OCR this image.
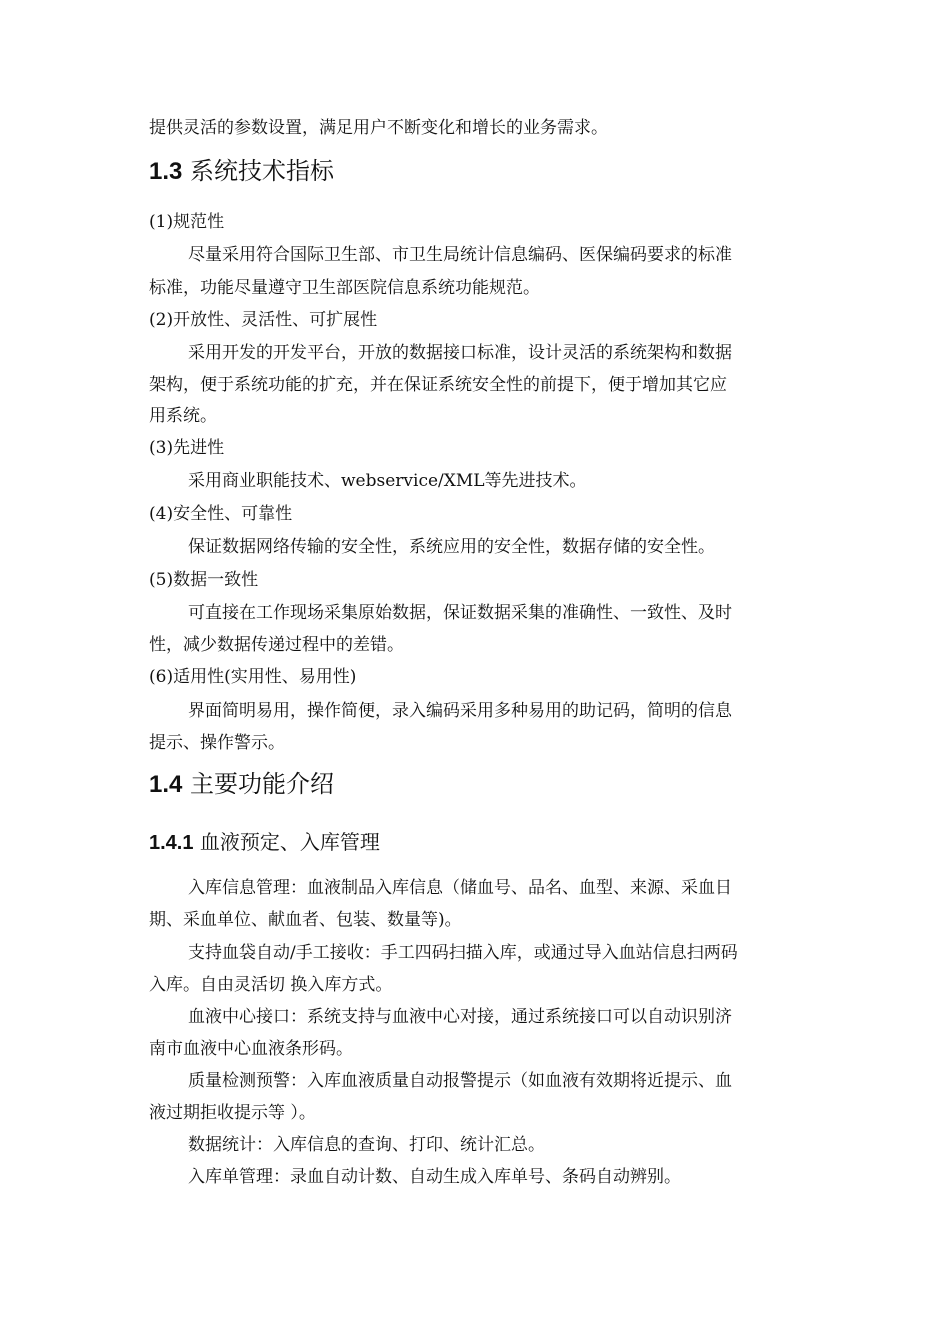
提供灵活的参数设置，满足用户不断变化和增长的业务需求。
1.3 系统技术指标
(1)规范性
尽量采用符合国际卫生部、市卫生局统计信息编码、医保编码要求的标准
标准，功能尽量遵守卫生部医院信息系统功能规范。
(2)开放性、灵活性、可扩展性
采用开发的开发平台，开放的数据接口标准，设计灵活的系统架构和数据
架构，便于系统功能的扩充，并在保证系统安全性的前提下，便于增加其它应
用系统。
(3)先进性
采用商业职能技术、webservice/XML等先进技术。
(4)安全性、可靠性
保证数据网络传输的安全性，系统应用的安全性，数据存储的安全性。
(5)数据一致性
可直接在工作现场采集原始数据，保证数据采集的准确性、一致性、及时
性，减少数据传递过程中的差错。
(6)适用性(实用性、易用性)
界面简明易用，操作简便，录入编码采用多种易用的助记码，简明的信息
提示、操作警示。
1.4 主要功能介绍
1.4.1 血液预定、入库管理
入库信息管理：血液制品入库信息（储血号、品名、血型、来源、采血日
期、采血单位、献血者、包装、数量等)。
支持血袋自动/手工接收：手工四码扫描入库，或通过导入血站信息扫两码
入库。自由灵活切 换入库方式。
血液中心接口：系统支持与血液中心对接，通过系统接口可以自动识别济
南市血液中心血液条形码。
质量检测预警：入库血液质量自动报警提示（如血液有效期将近提示、血
液过期拒收提示等 ）。
数据统计：入库信息的查询、打印、统计汇总。
入库单管理：录血自动计数、自动生成入库单号、条码自动辨别。
